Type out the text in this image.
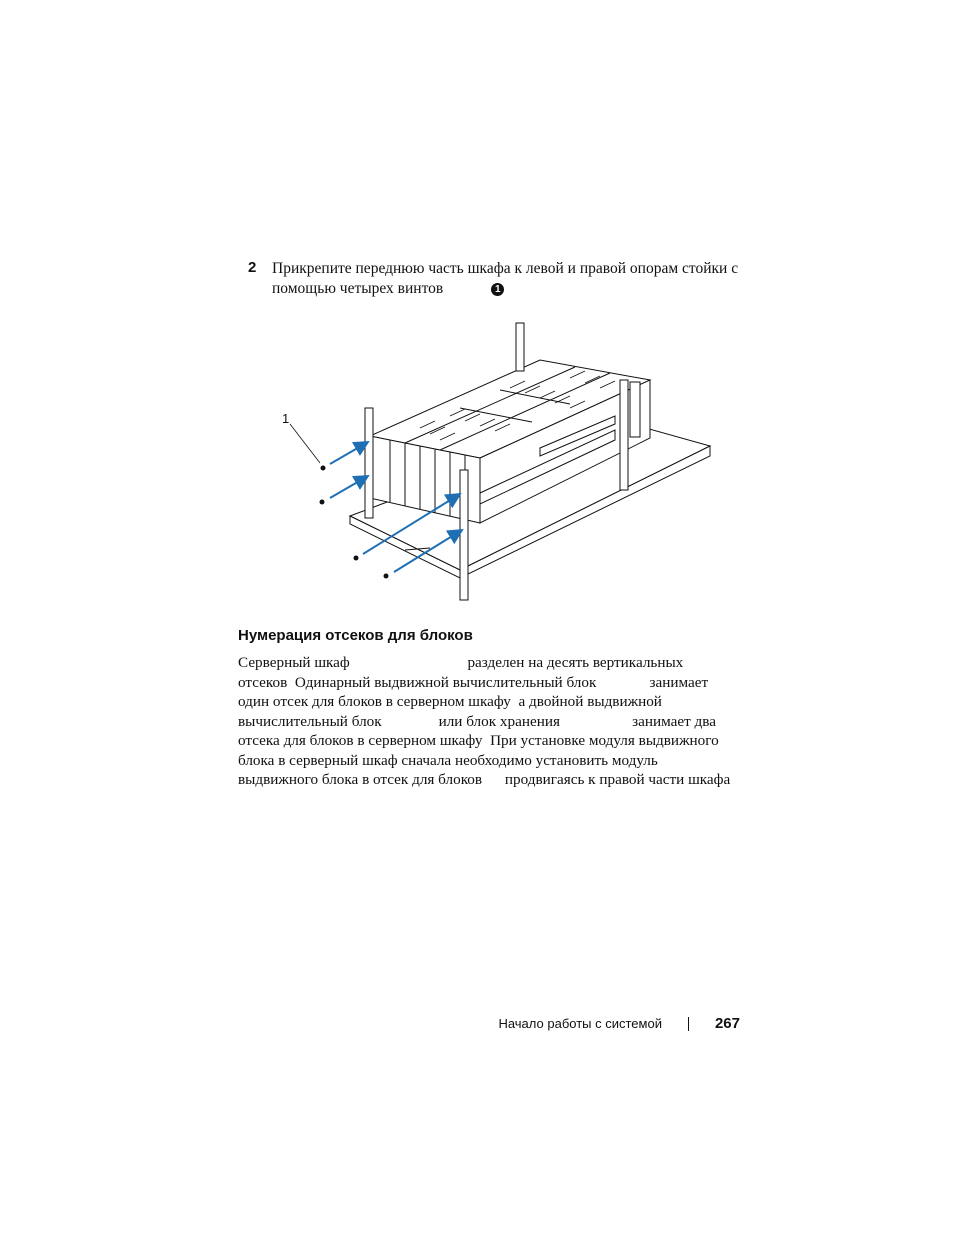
2 Прикрепите переднюю часть шкафа к левой и правой опорам стойки с
помощью четырех винтов	1
1
Нумерация отсеков для блоков
Серверный шкаф                               разделен на десять вертикальных
отсеков  Одинарный выдвижной вычислительный блок              занимает
один отсек для блоков в серверном шкафу  а двойной выдвижной
вычислительный блок               или блок хранения                   занимает два
отсека для блоков в серверном шкафу  При установке модуля выдвижного
блока в серверный шкаф сначала необходимо установить модуль
выдвижного блока в отсек для блоков      продвигаясь к правой части шкафа
Начало работы с системой	267
